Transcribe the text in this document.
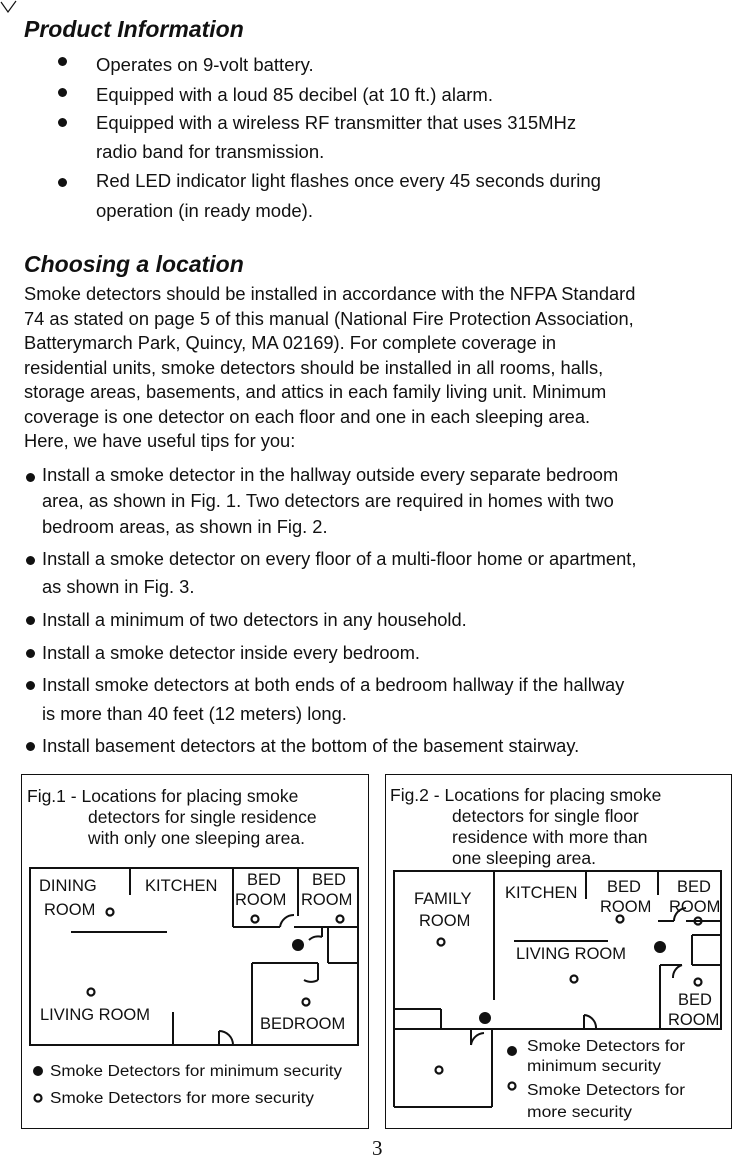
Product Information
Operates on 9-volt battery.
Equipped with a loud 85 decibel (at 10 ft.) alarm.
Equipped with a wireless RF transmitter that uses 315MHz
radio band for transmission.
Red LED indicator light flashes once every 45 seconds during
operation (in ready mode).
Choosing a location
Smoke detectors should be installed in accordance with the NFPA Standard
74 as stated on page 5 of this manual (National Fire Protection Association,
Batterymarch Park, Quincy, MA 02169). For complete coverage in
residential units, smoke detectors should be installed in all rooms, halls,
storage areas, basements, and attics in each family living unit. Minimum
coverage is one detector on each floor and one in each sleeping area.
Here, we have useful tips for you:
Install a smoke detector in the hallway outside every separate bedroom
area, as shown in Fig. 1. Two detectors are required in homes with two
bedroom areas, as shown in Fig. 2.
Install a smoke detector on every floor of a multi-floor home or apartment,
as shown in Fig. 3.
Install a minimum of two detectors in any household.
Install a smoke detector inside every bedroom.
Install smoke detectors at both ends of a bedroom hallway if the hallway
is more than 40 feet (12 meters) long.
Install basement detectors at the bottom of the basement stairway.
Fig.1 - Locations for placing smoke
detectors for single residence
with only one sleeping area.
DINING
ROOM
KITCHEN BED
ROOM
BED
ROOM
LIVING ROOM	BEDROOM
Smoke Detectors for minimum security
Smoke Detectors for more security
Fig.2 - Locations for placing smoke
detectors for single floor
residence with more than
one sleeping area.
FAMILY
ROOM
KITCHEN BED
ROOM
BED
ROOM
LIVING ROOM
BED
ROOM
Smoke Detectors for
minimum security
Smoke Detectors for
more security
3
